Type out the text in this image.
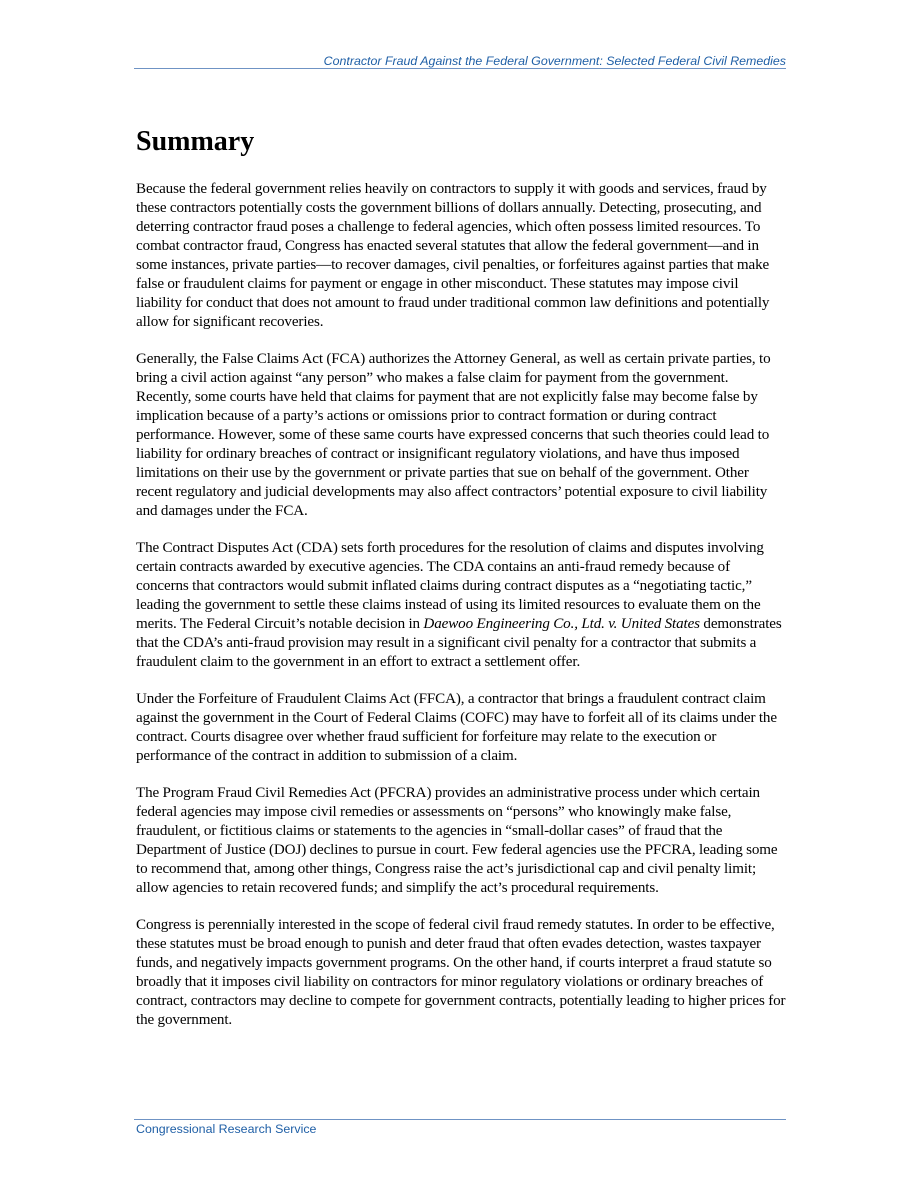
Contractor Fraud Against the Federal Government: Selected Federal Civil Remedies
Summary

Because the federal government relies heavily on contractors to supply it with goods and services, fraud by these contractors potentially costs the government billions of dollars annually. Detecting, prosecuting, and deterring contractor fraud poses a challenge to federal agencies, which often possess limited resources. To combat contractor fraud, Congress has enacted several statutes that allow the federal government—and in some instances, private parties—to recover damages, civil penalties, or forfeitures against parties that make false or fraudulent claims for payment or engage in other misconduct. These statutes may impose civil liability for conduct that does not amount to fraud under traditional common law definitions and potentially allow for significant recoveries.

Generally, the False Claims Act (FCA) authorizes the Attorney General, as well as certain private parties, to bring a civil action against “any person” who makes a false claim for payment from the government. Recently, some courts have held that claims for payment that are not explicitly false may become false by implication because of a party’s actions or omissions prior to contract formation or during contract performance. However, some of these same courts have expressed concerns that such theories could lead to liability for ordinary breaches of contract or insignificant regulatory violations, and have thus imposed limitations on their use by the government or private parties that sue on behalf of the government. Other recent regulatory and judicial developments may also affect contractors’ potential exposure to civil liability and damages under the FCA.

The Contract Disputes Act (CDA) sets forth procedures for the resolution of claims and disputes involving certain contracts awarded by executive agencies. The CDA contains an anti-fraud remedy because of concerns that contractors would submit inflated claims during contract disputes as a “negotiating tactic,” leading the government to settle these claims instead of using its limited resources to evaluate them on the merits. The Federal Circuit’s notable decision in Daewoo Engineering Co., Ltd. v. United States demonstrates that the CDA’s anti-fraud provision may result in a significant civil penalty for a contractor that submits a fraudulent claim to the government in an effort to extract a settlement offer.

Under the Forfeiture of Fraudulent Claims Act (FFCA), a contractor that brings a fraudulent contract claim against the government in the Court of Federal Claims (COFC) may have to forfeit all of its claims under the contract. Courts disagree over whether fraud sufficient for forfeiture may relate to the execution or performance of the contract in addition to submission of a claim.

The Program Fraud Civil Remedies Act (PFCRA) provides an administrative process under which certain federal agencies may impose civil remedies or assessments on “persons” who knowingly make false, fraudulent, or fictitious claims or statements to the agencies in “small-dollar cases” of fraud that the Department of Justice (DOJ) declines to pursue in court. Few federal agencies use the PFCRA, leading some to recommend that, among other things, Congress raise the act’s jurisdictional cap and civil penalty limit; allow agencies to retain recovered funds; and simplify the act’s procedural requirements.

Congress is perennially interested in the scope of federal civil fraud remedy statutes. In order to be effective, these statutes must be broad enough to punish and deter fraud that often evades detection, wastes taxpayer funds, and negatively impacts government programs. On the other hand, if courts interpret a fraud statute so broadly that it imposes civil liability on contractors for minor regulatory violations or ordinary breaches of contract, contractors may decline to compete for government contracts, potentially leading to higher prices for the government.

Congressional Research Service
